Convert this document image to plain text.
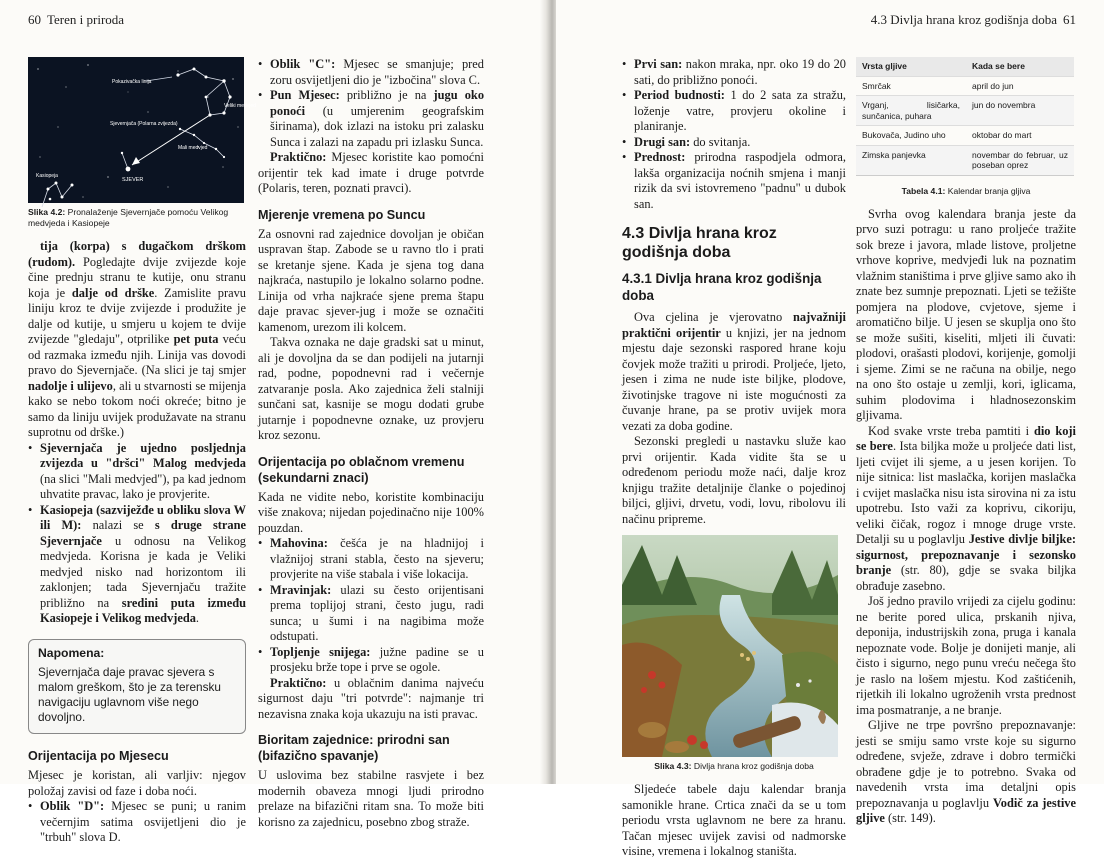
60 Teren i priroda
Pokazivačka linija
Veliki medvjed
Sjevernjača (Polarna zvijezda)
Mali medvjed
Kasiopeja
SJEVER
Slika 4.2: Pronalaženje Sjevernjače pomoću Velikog medvjeda i Kasiopeje

tija (korpa) s dugačkom drškom (rudom). Pogledajte dvije zvijezde koje čine prednju stranu te kutije, onu stranu koja je dalje od drške. Zamislite pravu liniju kroz te dvije zvijezde i produžite je dalje od kutije, u smjeru u kojem te dvije zvijezde "gledaju", otprilike pet puta veću od razmaka između njih. Linija vas dovodi pravo do Sjevernjače. (Na slici je taj smjer nadolje i ulijevo, ali u stvarnosti se mijenja kako se nebo tokom noći okreće; bitno je samo da liniju uvijek produžavate na stranu suprotnu od drške.)

• Sjevernjača je ujedno posljednja zvijezda u "dršci" Malog medvjeda (na slici "Mali medvjed"), pa kad jednom uhvatite pravac, lako je provjerite.
• Kasiopeja (sazviježđe u obliku slova W ili M): nalazi se s druge strane Sjevernjače u odnosu na Velikog medvjeda. Korisna je kada je Veliki medvjed nisko nad horizontom ili zaklonjen; tada Sjevernjaču tražite približno na sredini puta između Kasiopeje i Velikog medvjeda.
Napomena:
Sjevernjača daje pravac sjevera s malom greškom, što je za terensku navigaciju uglavnom više nego dovoljno.
Orijentacija po Mjesecu

Mjesec je koristan, ali varljiv: njegov položaj zavisi od faze i doba noći.

• Oblik "D": Mjesec se puni; u ranim večernjim satima osvijetljeni dio je "trbuh" slova D.
• Oblik "C": Mjesec se smanjuje; pred zoru osvijetljeni dio je "izbočina" slova C.
• Pun Mjesec: približno je na jugu oko ponoći (u umjerenim geografskim širinama), dok izlazi na istoku pri zalasku Sunca i zalazi na zapadu pri izlasku Sunca.

Praktično: Mjesec koristite kao pomoćni orijentir tek kad imate i druge potvrde (Polaris, teren, poznati pravci).

Mjerenje vremena po Suncu

Za osnovni rad zajednice dovoljan je običan uspravan štap. Zabode se u ravno tlo i prati se kretanje sjene. Kada je sjena tog dana najkraća, nastupilo je lokalno solarno podne. Linija od vrha najkraće sjene prema štapu daje pravac sjever-jug i može se označiti kamenom, urezom ili kolcem.

Takva oznaka ne daje gradski sat u minut, ali je dovoljna da se dan podijeli na jutarnji rad, podne, popodnevni rad i večernje zatvaranje posla. Ako zajednica želi stalniji sunčani sat, kasnije se mogu dodati grube jutarnje i popodnevne oznake, uz provjeru kroz sezonu.

Orijentacija po oblačnom vremenu (sekundarni znaci)

Kada ne vidite nebo, koristite kombinaciju više znakova; nijedan pojedinačno nije 100% pouzdan.

• Mahovina: češća je na hladnijoj i vlažnijoj strani stabla, često na sjeveru; provjerite na više stabala i više lokacija.
• Mravinjak: ulazi su često orijentisani prema toplijoj strani, često jugu, radi sunca; u šumi i na nagibima može odstupati.
• Topljenje snijega: južne padine se u prosjeku brže tope i prve se ogole.

Praktično: u oblačnim danima najveću sigurnost daju "tri potvrde": najmanje tri nezavisna znaka koja ukazuju na isti pravac.

Bioritam zajednice: prirodni san (bifazično spavanje)

U uslovima bez stabilne rasvjete i bez modernih obaveza mnogi ljudi prirodno prelaze na bifazični ritam sna. To može biti korisno za zajednicu, posebno zbog straže.

4.3 Divlja hrana kroz godišnja doba 61
• Prvi san: nakon mraka, npr. oko 19 do 20 sati, do približno ponoći.
• Period budnosti: 1 do 2 sata za stražu, loženje vatre, provjeru okoline i planiranje.
• Drugi san: do svitanja.
• Prednost: prirodna raspodjela odmora, lakša organizacija noćnih smjena i manji rizik da svi istovremeno "padnu" u dubok san.
4.3 Divlja hrana kroz godišnja doba
4.3.1 Divlja hrana kroz godišnja doba

Ova cjelina je vjerovatno najvažniji praktični orijentir u knjizi, jer na jednom mjestu daje sezonski raspored hrane koju čovjek može tražiti u prirodi. Proljeće, ljeto, jesen i zima ne nude iste biljke, plodove, životinjske tragove ni iste mogućnosti za čuvanje hrane, pa se protiv uvijek mora vezati za doba godine.

Sezonski pregledi u nastavku služe kao prvi orijentir. Kada vidite šta se u određenom periodu može naći, dalje kroz knjigu tražite detaljnije članke o pojedinoj biljci, gljivi, drvetu, vodi, lovu, ribolovu ili načinu pripreme.

Slika 4.3: Divlja hrana kroz godišnja doba

Sljedeće tabele daju kalendar branja samonikle hrane. Crtica znači da se u tom periodu vrsta uglavnom ne bere za hranu. Tačan mjesec uvijek zavisi od nadmorske visine, vremena i lokalnog staništa.

Vrsta gljive	Kada se bere
Smrčak	april do jun
Vrganj, lisičarka, sunčanica, puhara	jun do novembra
Bukovača, Judino uho	oktobar do mart
Zimska panjevka	novembar do februar, uz poseban oprez
Tabela 4.1: Kalendar branja gljiva

Svrha ovog kalendara branja jeste da prvo suzi potragu: u rano proljeće tražite sok breze i javora, mlade listove, proljetne vrhove koprive, medvjeđi luk na poznatim vlažnim staništima i prve gljive samo ako ih znate bez sumnje prepoznati. Ljeti se težište pomjera na plodove, cvjetove, sjeme i aromatično bilje. U jesen se skuplja ono što se može sušiti, kiseliti, mljeti ili čuvati: plodovi, orašasti plodovi, korijenje, gomolji i sjeme. Zimi se ne računa na obilje, nego na ono što ostaje u zemlji, kori, iglicama, suhim plodovima i hladnosezonskim gljivama.

Kod svake vrste treba pamtiti i dio koji se bere. Ista biljka može u proljeće dati list, ljeti cvijet ili sjeme, a u jesen korijen. To nije sitnica: list maslačka, korijen maslačka i cvijet maslačka nisu ista sirovina ni za istu upotrebu. Isto važi za koprivu, cikoriju, veliki čičak, rogoz i mnoge druge vrste. Detalji su u poglavlju Jestive divlje biljke: sigurnost, prepoznavanje i sezonsko branje (str. 80), gdje se svaka biljka obrađuje zasebno.

Još jedno pravilo vrijedi za cijelu godinu: ne berite pored ulica, prskanih njiva, deponija, industrijskih zona, pruga i kanala nepoznate vode. Bolje je donijeti manje, ali čisto i sigurno, nego punu vreću nečega što je raslo na lošem mjestu. Kod zaštićenih, rijetkih ili lokalno ugroženih vrsta prednost ima posmatranje, a ne branje.

Gljive ne trpe površno prepoznavanje: jesti se smiju samo vrste koje su sigurno određene, svježe, zdrave i dobro termički obrađene gdje je to potrebno. Svaka od navedenih vrsta ima detaljni opis prepoznavanja u poglavlju Vodič za jestive gljive (str. 149).
